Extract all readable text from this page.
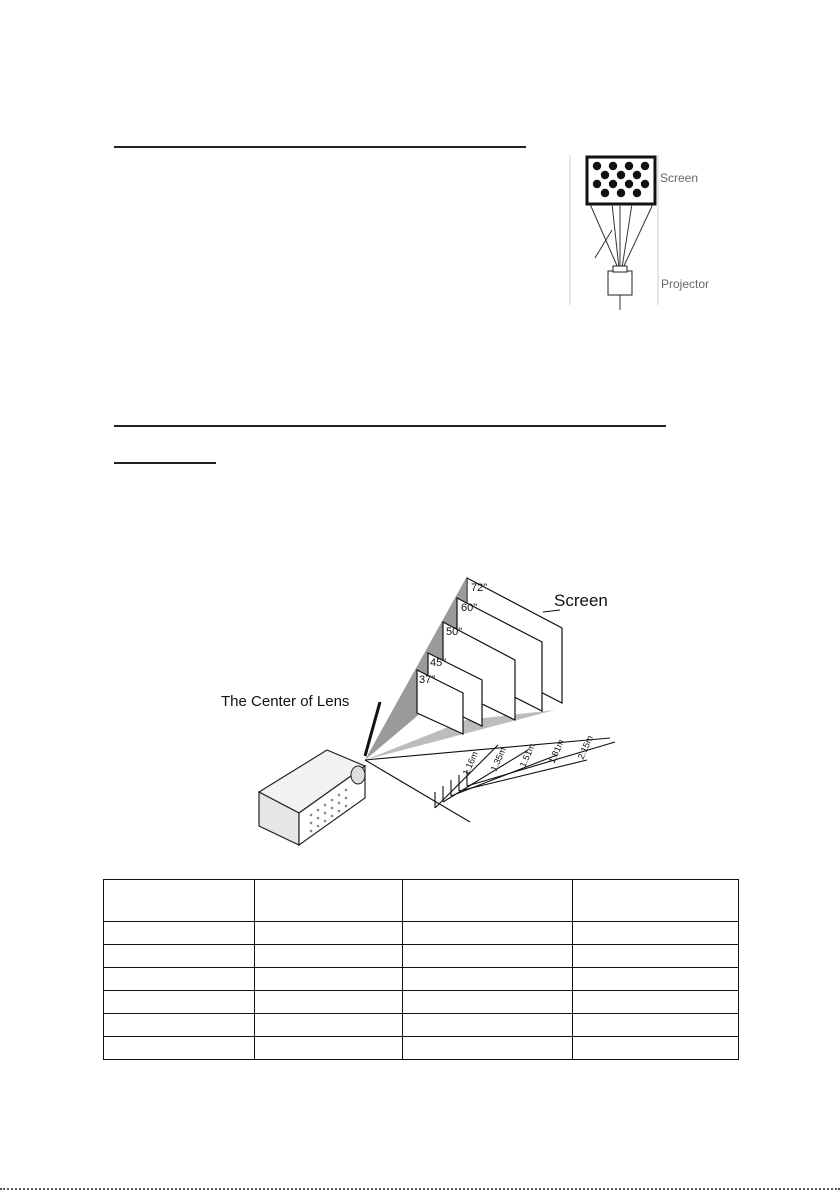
Screen
Projector
72"
60"
50"
45"
37"
1.16m 1.35m 1.51m 1.81m 2.15m
The Center of Lens
Screen
